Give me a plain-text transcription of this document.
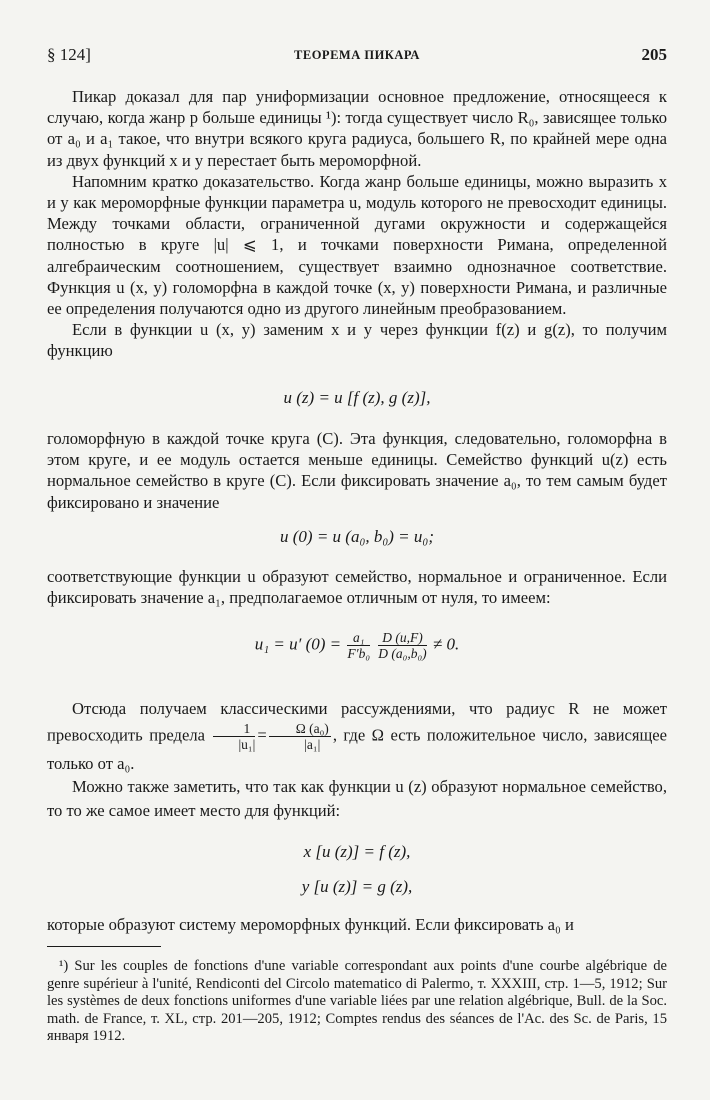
§ 124]	ТЕОРЕМА ПИКАРА	205

Пикар доказал для пар униформизации основное предложение, относящееся к случаю, когда жанр p больше единицы ¹): тогда существует число R₀, зависящее только от a₀ и a₁ такое, что внутри всякого круга радиуса, большего R, по крайней мере одна из двух функций x и y перестает быть мероморфной.

Напомним кратко доказательство. Когда жанр больше единицы, можно выразить x и y как мероморфные функции параметра u, модуль которого не превосходит единицы. Между точками области, ограниченной дугами окружности и содержащейся полностью в круге |u| ⩽ 1, и точками поверхности Римана, определенной алгебраическим соотношением, существует взаимно однозначное соответствие. Функция u (x, y) голоморфна в каждой точке (x, y) поверхности Римана, и различные ее определения получаются одно из другого линейным преобразованием.

Если в функции u (x, y) заменим x и y через функции f(z) и g(z), то получим функцию

u (z) = u [f (z), g (z)],

голоморфную в каждой точке круга (C). Эта функция, следовательно, голоморфна в этом круге, и ее модуль остается меньше единицы. Семейство функций u(z) есть нормальное семейство в круге (C). Если фиксировать значение a₀, то тем самым будет фиксировано и значение

u (0) = u (a₀, b₀) = u₀;

соответствующие функции u образуют семейство, нормальное и ограниченное. Если фиксировать значение a₁, предполагаемое отличным от нуля, то имеем:

u₁ = u′ $(0) = \frac{\text{a₁}}{\text{F′b₀}}$
$\frac{D (u,F)}{\text{D (a₀,b₀)}} \ne 0$.

Отсюда получаем классическими рассуждениями, что радиус R не может превосходить предела $\frac{1}{\text{|u₁|}} = \frac{\text{Ω (a₀)}}{\text{|a₁|}}$ , где Ω есть положительное число, зависящее только от a₀.

Можно также заметить, что так как функции u (z) образуют нормальное семейство, то то же самое имеет место для функций:

x [u (z)] = f (z),
y [u (z)] = g (z),

которые образуют систему мероморфных функций. Если фиксировать a₀ и

¹) Sur les couples de fonctions d'une variable correspondant aux points d'une courbe algébrique de genre supérieur à l'unité, Rendiconti del Circolo matematico di Palermo, т. XXXIII, стр. 1—5, 1912; Sur les systèmes de deux fonctions uniformes d'une variable liées par une relation algébrique, Bull. de la Soc. math. de France, т. XL, стр. 201—205, 1912; Comptes rendus des séances de l'Ac. des Sc. de Paris, 15 января 1912.
